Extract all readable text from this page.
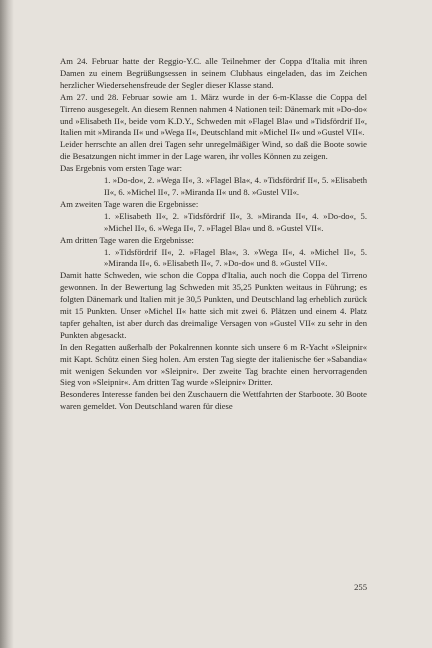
Am 24. Februar hatte der Reggio-Y.C. alle Teilnehmer der Coppa d'Italia mit ihren Damen zu einem Begrüßungsessen in seinem Clubhaus eingeladen, das im Zeichen herzlicher Wiedersehensfreude der Segler dieser Klasse stand.

Am 27. und 28. Februar sowie am 1. März wurde in der 6-m-Klasse die Coppa del Tirreno ausgesegelt. An diesem Rennen nahmen 4 Nationen teil: Dänemark mit »Do-do« und »Elisabeth II«, beide vom K.D.Y., Schweden mit »Flagel Bla« und »Tidsfördrif II«, Italien mit »Miranda II« und »Wega II«, Deutschland mit »Michel II« und »Gustel VII«.

Leider herrschte an allen drei Tagen sehr unregelmäßiger Wind, so daß die Boote sowie die Besatzungen nicht immer in der Lage waren, ihr volles Können zu zeigen.

Das Ergebnis vom ersten Tage war:

1. »Do-do«, 2. »Wega II«, 3. »Flagel Bla«, 4. »Tidsfördrif II«, 5. »Elisabeth II«, 6. »Michel II«, 7. »Miranda II« und 8. »Gustel VII«.

Am zweiten Tage waren die Ergebnisse:

1. »Elisabeth II«, 2. »Tidsfördrif II«, 3. »Miranda II«, 4. »Do-do«, 5. »Michel II«, 6. »Wega II«, 7. »Flagel Bla« und 8. »Gustel VII«.

Am dritten Tage waren die Ergebnisse:

1. »Tidsfördrif II«, 2. »Flagel Bla«, 3. »Wega II«, 4. »Michel II«, 5. »Miranda II«, 6. »Elisabeth II«, 7. »Do-do« und 8. »Gustel VII«.

Damit hatte Schweden, wie schon die Coppa d'Italia, auch noch die Coppa del Tirreno gewonnen. In der Bewertung lag Schweden mit 35,25 Punkten weitaus in Führung; es folgten Dänemark und Italien mit je 30,5 Punkten, und Deutschland lag erheblich zurück mit 15 Punkten. Unser »Michel II« hatte sich mit zwei 6. Plätzen und einem 4. Platz tapfer gehalten, ist aber durch das dreimalige Versagen von »Gustel VII« zu sehr in den Punkten abgesackt.

In den Regatten außerhalb der Pokalrennen konnte sich unsere 6 m R-Yacht »Sleipnir« mit Kapt. Schütz einen Sieg holen. Am ersten Tag siegte der italienische 6er »Sabandia« mit wenigen Sekunden vor »Sleipnir«. Der zweite Tag brachte einen hervorragenden Sieg von »Sleipnir«. Am dritten Tag wurde »Sleipnir« Dritter.

Besonderes Interesse fanden bei den Zuschauern die Wettfahrten der Starboote. 30 Boote waren gemeldet. Von Deutschland waren für diese

255
